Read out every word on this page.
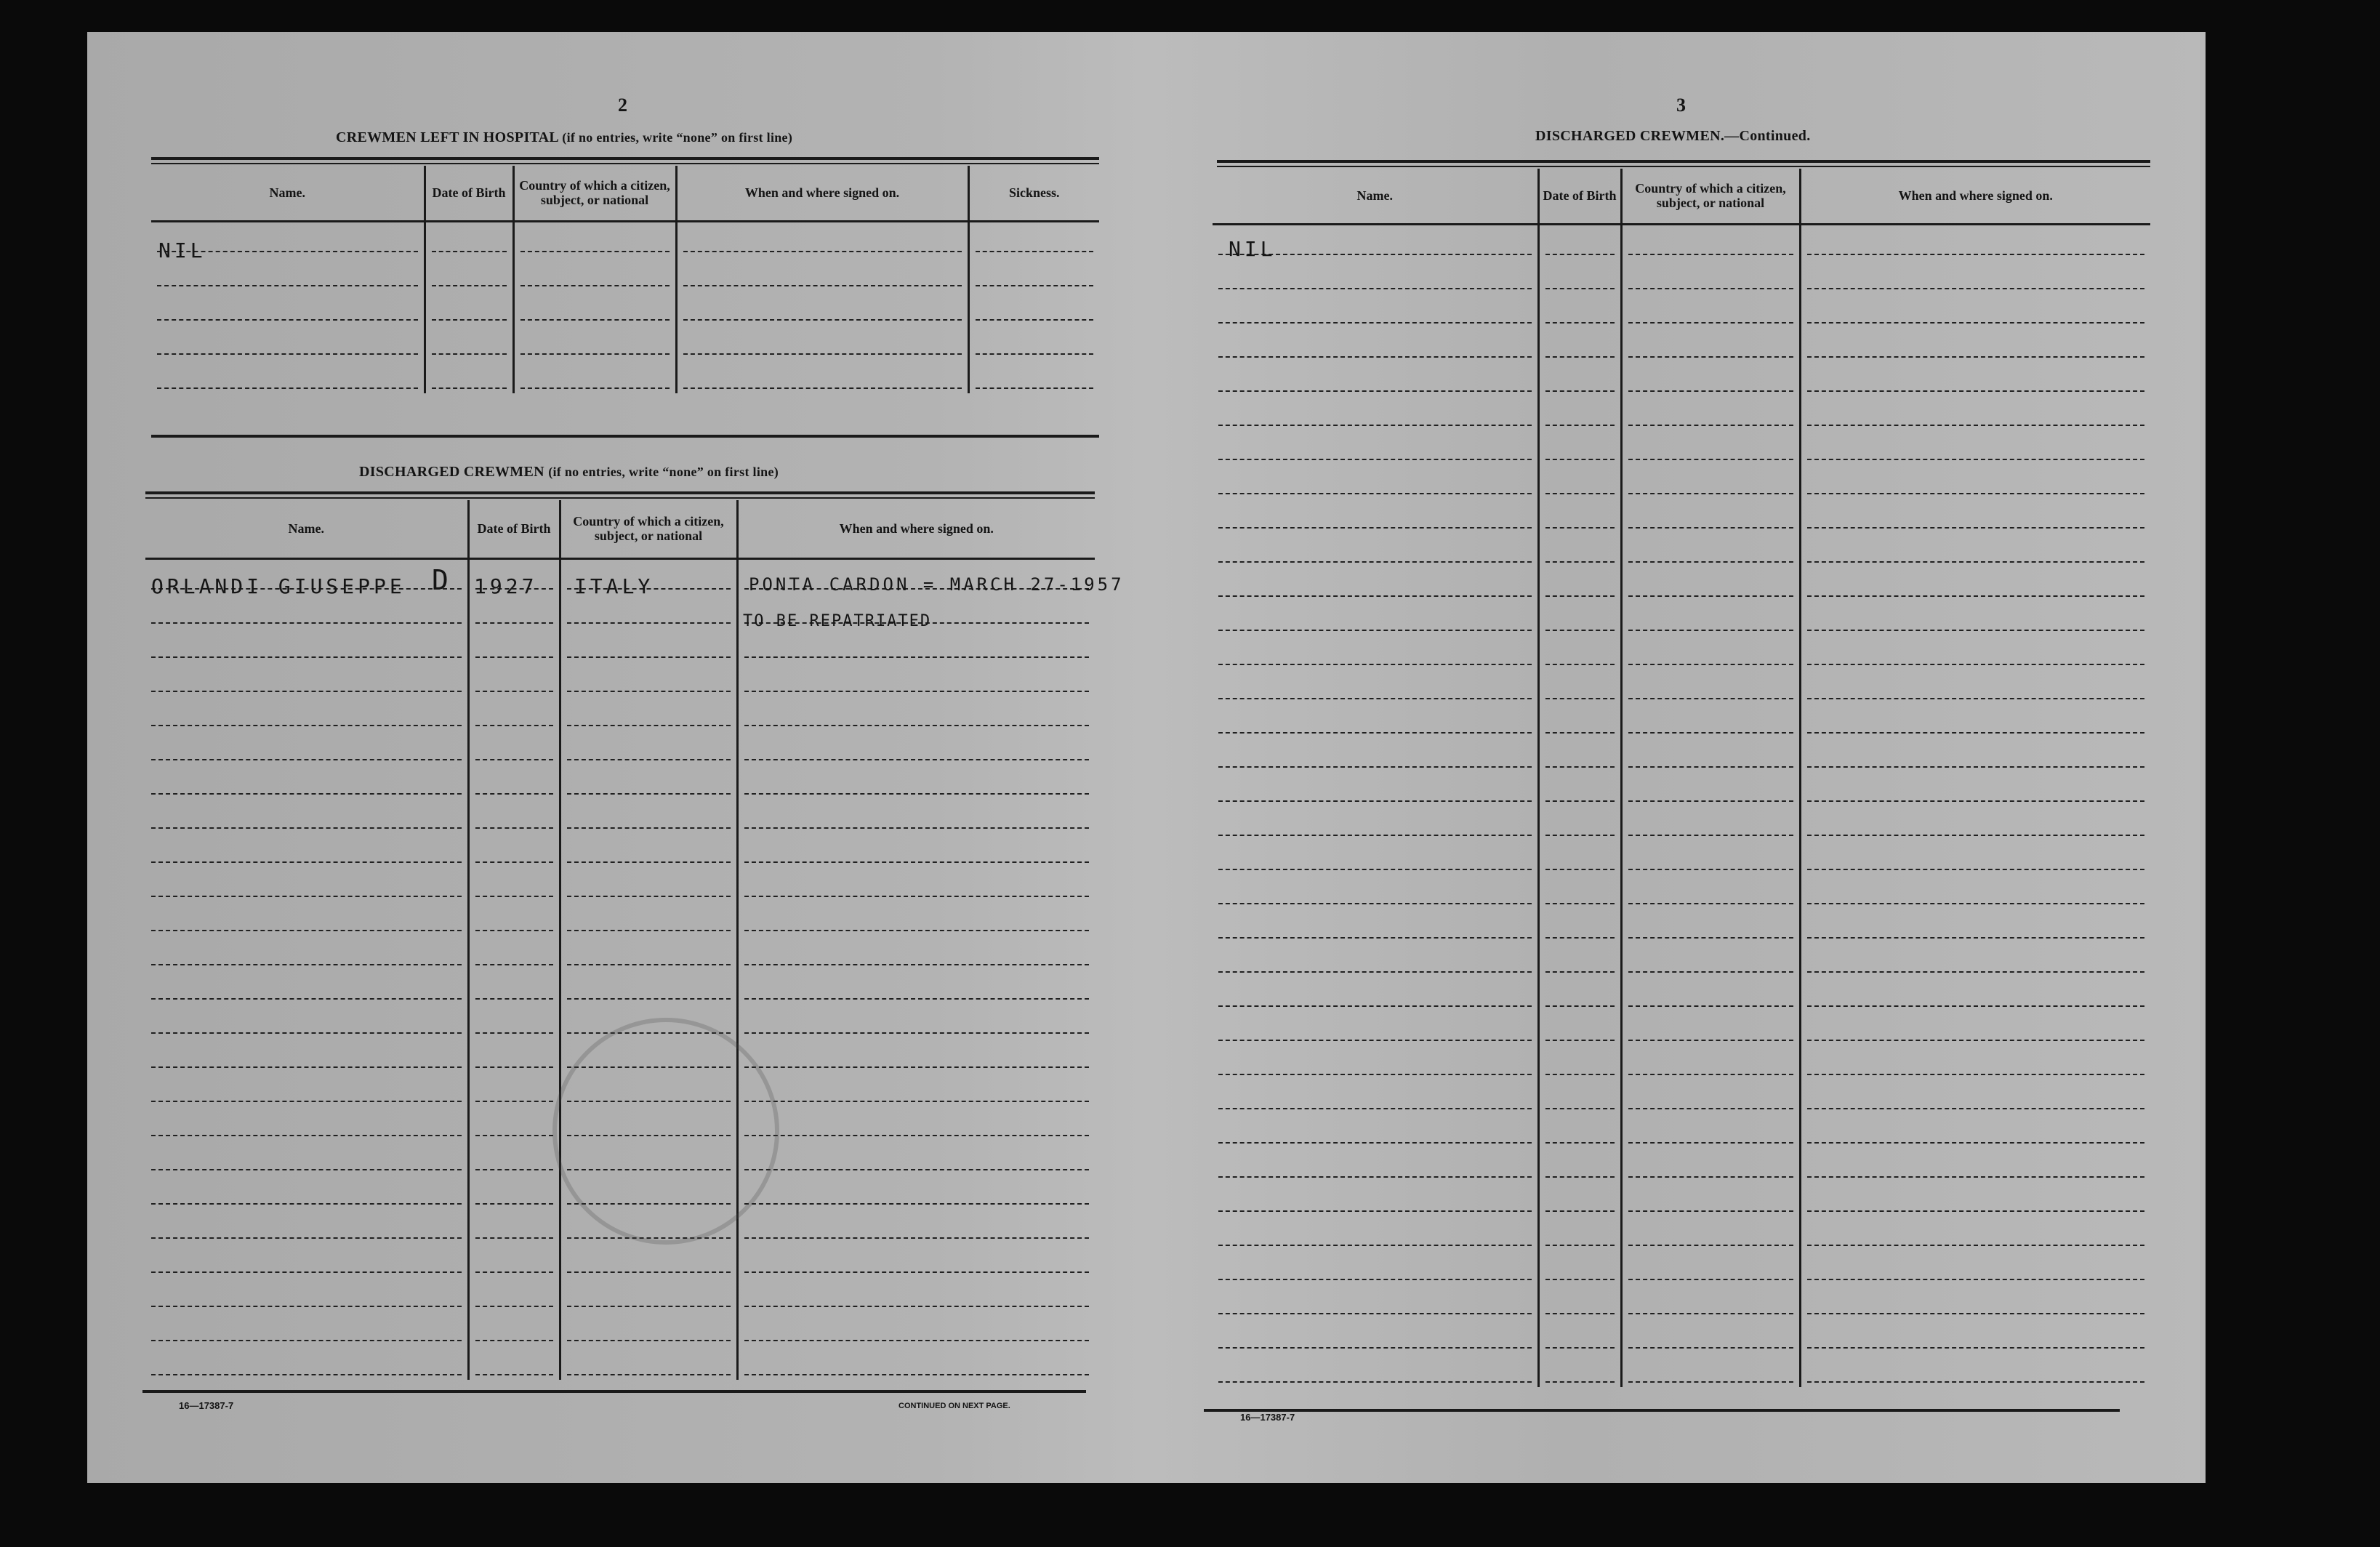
2
CREWMEN LEFT IN HOSPITAL (if no entries, write “none” on first line)
Name.	Date of Birth	Country of which a citizen, subject, or national	When and where signed on.	Sickness.

NIL
DISCHARGED CREWMEN (if no entries, write “none” on first line)
Name.	Date of Birth	Country of which a citizen, subject, or national	When and where signed on.

ORLANDI GIUSEPPE D 1927 ITALY	PONTA CARDON = MARCH 27-1957
TO BE REPATRIATED
16—17387-7	CONTINUED ON NEXT PAGE.
3
DISCHARGED CREWMEN.—Continued.
Name.	Date of Birth	Country of which a citizen, subject, or national	When and where signed on.

NIL
16—17387-7
